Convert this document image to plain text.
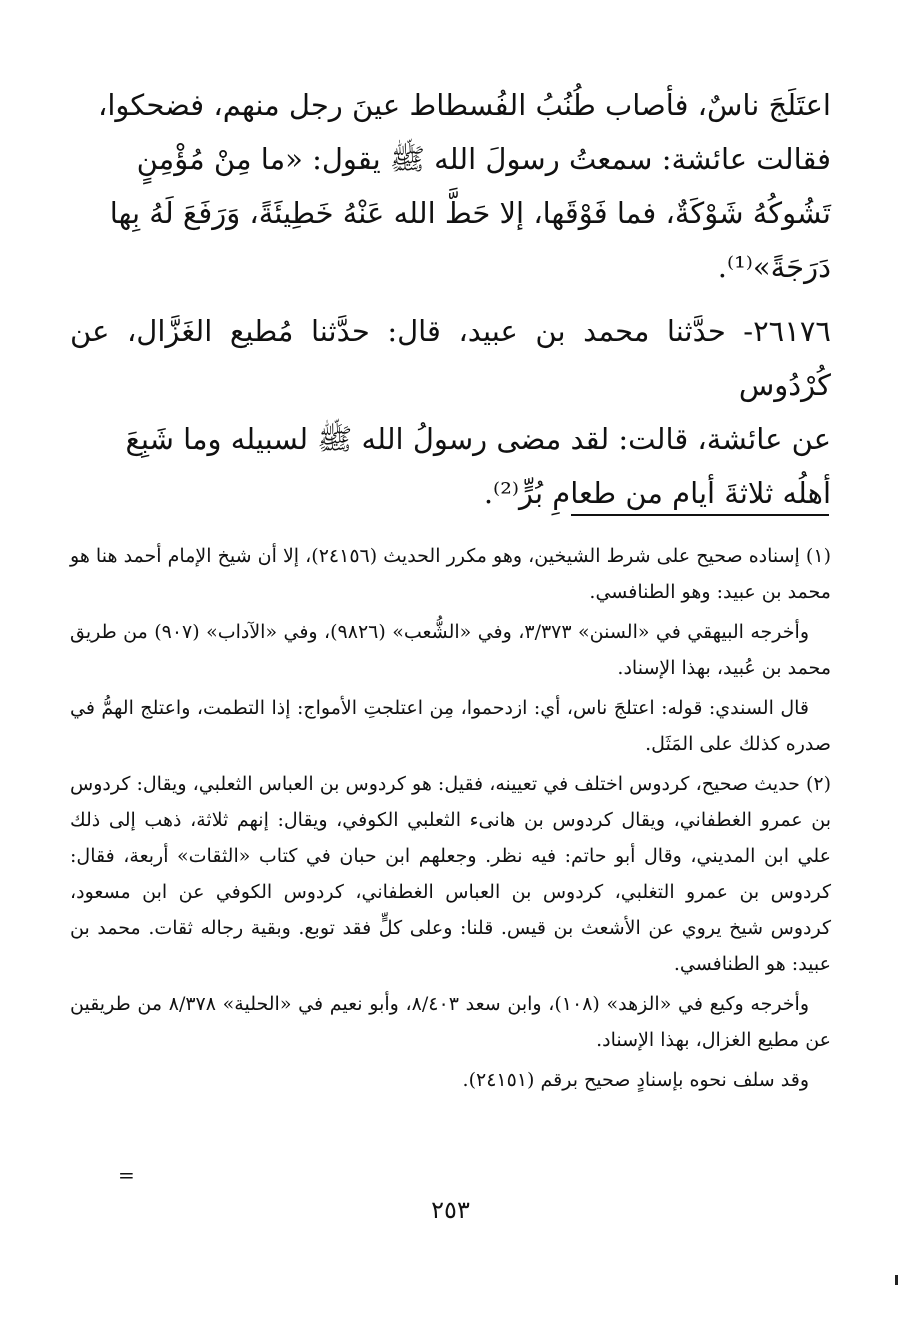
اعتَلَجَ ناسٌ، فأصاب طُنُبُ الفُسطاط عينَ رجل منهم، فضحكوا،
فقالت عائشة: سمعتُ رسولَ الله ﷺ يقول: «ما مِنْ مُؤْمِنٍ
تَشُوكُهُ شَوْكَةٌ، فما فَوْقَها، إلا حَطَّ الله عَنْهُ خَطِيئَةً، وَرَفَعَ لَهُ بِها
دَرَجَةً»⁽¹⁾.

٢٦١٧٦- حدَّثنا محمد بن عبيد، قال: حدَّثنا مُطيع الغَزَّال، عن كُرْدُوس
عن عائشة، قالت: لقد مضى رسولُ الله ﷺ لسبيله وما شَبِعَ
أهلُه ثلاثةَ أيام من طعامِ بُرٍّ⁽²⁾.

(١) إسناده صحيح على شرط الشيخين، وهو مكرر الحديث (٢٤١٥٦)، إلا أن شيخ الإمام أحمد هنا هو محمد بن عبيد: وهو الطنافسي.

وأخرجه البيهقي في «السنن» ٣/٣٧٣، وفي «الشُّعب» (٩٨٢٦)، وفي «الآداب» (٩٠٧) من طريق محمد بن عُبيد، بهذا الإسناد.

قال السندي: قوله: اعتلجَ ناس، أي: ازدحموا، مِن اعتلجتِ الأمواج: إذا التطمت، واعتلج الهمُّ في صدره كذلك على المَثَل.

(٢) حديث صحيح، كردوس اختلف في تعيينه، فقيل: هو كردوس بن العباس الثعلبي، ويقال: كردوس بن عمرو الغطفاني، ويقال كردوس بن هانىء الثعلبي الكوفي، ويقال: إنهم ثلاثة، ذهب إلى ذلك علي ابن المديني، وقال أبو حاتم: فيه نظر. وجعلهم ابن حبان في كتاب «الثقات» أربعة، فقال: كردوس بن عمرو التغلبي، كردوس بن العباس الغطفاني، كردوس الكوفي عن ابن مسعود، كردوس شيخ يروي عن الأشعث بن قيس. قلنا: وعلى كلٍّ فقد توبع. وبقية رجاله ثقات. محمد بن عبيد: هو الطنافسي.

وأخرجه وكيع في «الزهد» (١٠٨)، وابن سعد ٨/٤٠٣، وأبو نعيم في «الحلية» ٨/٣٧٨ من طريقين عن مطيع الغزال، بهذا الإسناد.

وقد سلف نحوه بإسنادٍ صحيح برقم (٢٤١٥١).

=
٢٥٣
